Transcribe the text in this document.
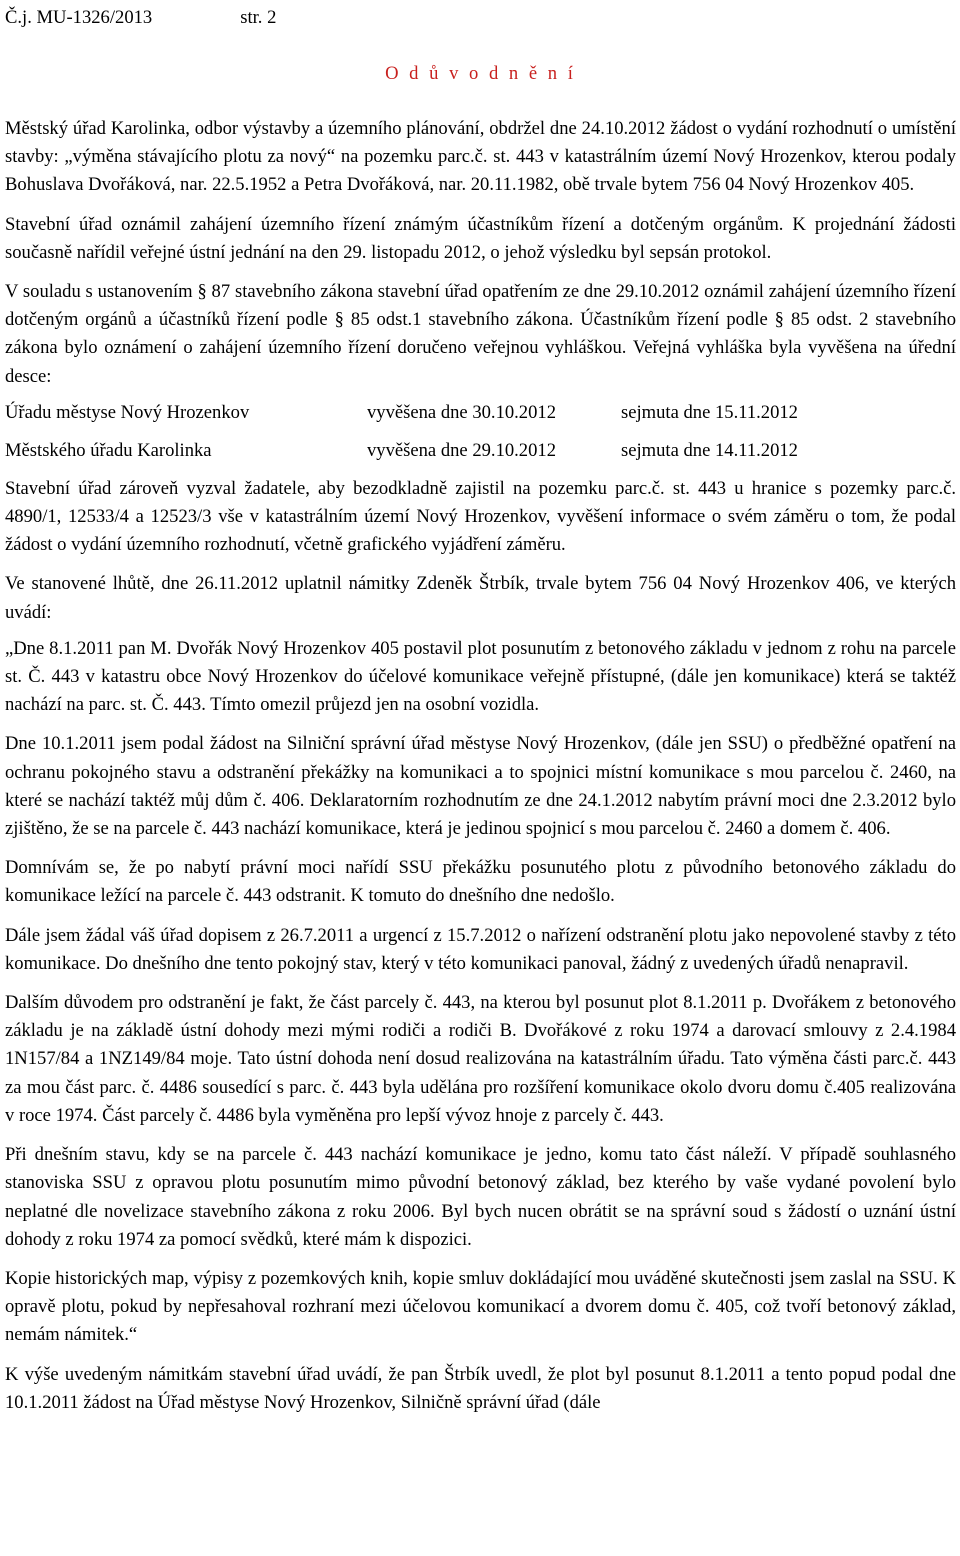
Č.j. MU-1326/2013	str. 2
O d ů v o d n ě n í

Městský úřad Karolinka, odbor výstavby a územního plánování, obdržel dne 24.10.2012 žádost o vydání rozhodnutí o umístění stavby: „výměna stávajícího plotu za nový“ na pozemku parc.č. st. 443 v katastrálním území Nový Hrozenkov, kterou podaly Bohuslava Dvořáková, nar. 22.5.1952 a Petra Dvořáková, nar. 20.11.1982, obě trvale bytem 756 04 Nový Hrozenkov 405.

Stavební úřad oznámil zahájení územního řízení známým účastníkům řízení a dotčeným orgánům. K projednání žádosti současně nařídil veřejné ústní jednání na den 29. listopadu 2012, o jehož výsledku byl sepsán protokol.

V souladu s ustanovením § 87 stavebního zákona stavební úřad opatřením ze dne 29.10.2012 oznámil zahájení územního řízení dotčeným orgánů a účastníků řízení podle § 85 odst.1 stavebního zákona. Účastníkům řízení podle § 85 odst. 2 stavebního zákona bylo oznámení o zahájení územního řízení doručeno veřejnou vyhláškou. Veřejná vyhláška byla vyvěšena na úřední desce:

Úřadu městyse Nový Hrozenkov	vyvěšena dne 30.10.2012	sejmuta dne 15.11.2012
Městského úřadu Karolinka	vyvěšena dne 29.10.2012	sejmuta dne 14.11.2012

Stavební úřad zároveň vyzval žadatele, aby bezodkladně zajistil na pozemku parc.č. st. 443 u hranice s pozemky parc.č. 4890/1, 12533/4 a 12523/3 vše v katastrálním území Nový Hrozenkov, vyvěšení informace o svém záměru o tom, že podal žádost o vydání územního rozhodnutí, včetně grafického vyjádření záměru.

Ve stanovené lhůtě, dne 26.11.2012 uplatnil námitky Zdeněk Štrbík, trvale bytem 756 04 Nový Hrozenkov 406, ve kterých uvádí:

„Dne 8.1.2011 pan M. Dvořák Nový Hrozenkov 405 postavil plot posunutím z betonového základu v jednom z rohu na parcele st. Č. 443 v katastru obce Nový Hrozenkov do účelové komunikace veřejně přístupné, (dále jen komunikace) která se taktéž nachází na parc. st. Č. 443. Tímto omezil průjezd jen na osobní vozidla.

Dne 10.1.2011 jsem podal žádost na Silniční správní úřad městyse Nový Hrozenkov, (dále jen SSU) o předběžné opatření na ochranu pokojného stavu a odstranění překážky na komunikaci a to spojnici místní komunikace s mou parcelou č. 2460, na které se nachází taktéž můj dům č. 406. Deklaratorním rozhodnutím ze dne 24.1.2012 nabytím právní moci dne 2.3.2012 bylo zjištěno, že se na parcele č. 443 nachází komunikace, která je jedinou spojnicí s mou parcelou č. 2460 a domem č. 406.

Domnívám se, že po nabytí právní moci nařídí SSU překážku posunutého plotu z původního betonového základu do komunikace ležící na parcele č. 443 odstranit. K tomuto do dnešního dne nedošlo.

Dále jsem žádal váš úřad dopisem z 26.7.2011 a urgencí z 15.7.2012 o nařízení odstranění plotu jako nepovolené stavby z této komunikace. Do dnešního dne tento pokojný stav, který v této komunikaci panoval, žádný z uvedených úřadů nenapravil.

Dalším důvodem pro odstranění je fakt, že část parcely č. 443, na kterou byl posunut plot 8.1.2011 p. Dvořákem z betonového základu je na základě ústní dohody mezi mými rodiči a rodiči B. Dvořákové z roku 1974 a darovací smlouvy z 2.4.1984 1N157/84 a 1NZ149/84 moje. Tato ústní dohoda není dosud realizována na katastrálním úřadu. Tato výměna části parc.č. 443 za mou část parc. č. 4486 sousedící s parc. č. 443 byla udělána pro rozšíření komunikace okolo dvoru domu č.405 realizována v roce 1974. Část parcely č. 4486 byla vyměněna pro lepší vývoz hnoje z parcely č. 443.

Při dnešním stavu, kdy se na parcele č. 443 nachází komunikace je jedno, komu tato část náleží. V případě souhlasného stanoviska SSU z opravou plotu posunutím mimo původní betonový základ, bez kterého by vaše vydané povolení bylo neplatné dle novelizace stavebního zákona z roku 2006. Byl bych nucen obrátit se na správní soud s žádostí o uznání ústní dohody z roku 1974 za pomocí svědků, které mám k dispozici.

Kopie historických map, výpisy z pozemkových knih, kopie smluv dokládající mou uváděné skutečnosti jsem zaslal na SSU. K opravě plotu, pokud by nepřesahoval rozhraní mezi účelovou komunikací a dvorem domu č. 405, což tvoří betonový základ, nemám námitek.“

K výše uvedeným námitkám stavební úřad uvádí, že pan Štrbík uvedl, že plot byl posunut 8.1.2011 a tento popud podal dne 10.1.2011 žádost na Úřad městyse Nový Hrozenkov, Silničně správní úřad (dále
